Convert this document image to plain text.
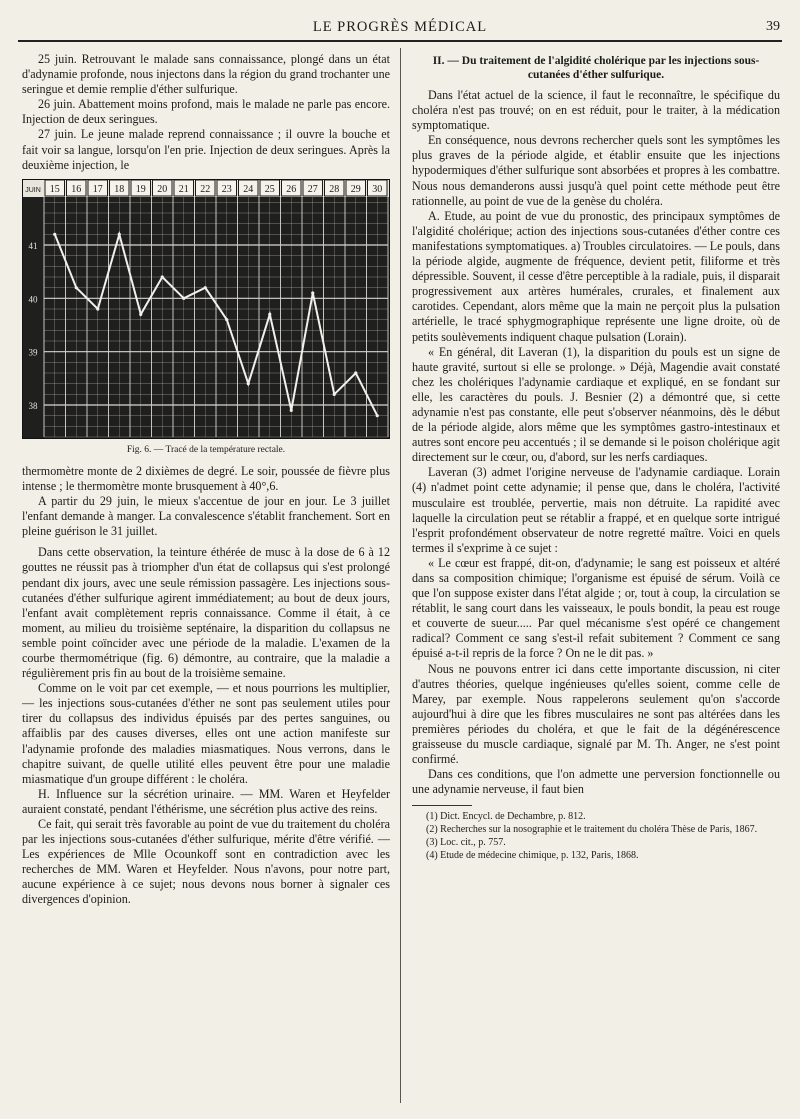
LE PROGRÈS MÉDICAL	39

25 juin. Retrouvant le malade sans connaissance, plongé dans un état d'adynamie profonde, nous injectons dans la région du grand trochanter une seringue et demie remplie d'éther sulfurique.

26 juin. Abattement moins profond, mais le malade ne parle pas encore. Injection de deux seringues.

27 juin. Le jeune malade reprend connaissance ; il ouvre la bouche et fait voir sa langue, lorsqu'on l'en prie. Injection de deux seringues. Après la deuxième injection, le

JUIN 15 16 17 18 19 20 21 22 23 24 25 26 27 28 29 30
41
40
39
38
Fig. 6. — Tracé de la température rectale.

thermomètre monte de 2 dixièmes de degré. Le soir, poussée de fièvre plus intense ; le thermomètre monte brusquement à 40°,6.

A partir du 29 juin, le mieux s'accentue de jour en jour. Le 3 juillet l'enfant demande à manger. La convalescence s'établit franchement. Sort en pleine guérison le 31 juillet.

Dans cette observation, la teinture éthérée de musc à la dose de 6 à 12 gouttes ne réussit pas à triompher d'un état de collapsus qui s'est prolongé pendant dix jours, avec une seule rémission passagère. Les injections sous-cutanées d'éther sulfurique agirent immédiatement; au bout de deux jours, l'enfant avait complètement repris connaissance. Comme il était, à ce moment, au milieu du troisième septénaire, la disparition du collapsus ne semble point coïncider avec une période de la maladie. L'examen de la courbe thermométrique (fig. 6) démontre, au contraire, que la maladie a régulièrement pris fin au bout de la troisième semaine.

Comme on le voit par cet exemple, — et nous pourrions les multiplier, — les injections sous-cutanées d'éther ne sont pas seulement utiles pour tirer du collapsus des individus épuisés par des pertes sanguines, ou affaiblis par des causes diverses, elles ont une action manifeste sur l'adynamie profonde des maladies miasmatiques. Nous verrons, dans le chapitre suivant, de quelle utilité elles peuvent être pour une maladie miasmatique d'un groupe différent : le choléra.

H. Influence sur la sécrétion urinaire. — MM. Waren et Heyfelder auraient constaté, pendant l'éthérisme, une sécrétion plus active des reins.

Ce fait, qui serait très favorable au point de vue du traitement du choléra par les injections sous-cutanées d'éther sulfurique, mérite d'être vérifié. — Les expériences de Mlle Ocounkoff sont en contradiction avec les recherches de MM. Waren et Heyfelder. Nous n'avons, pour notre part, aucune expérience à ce sujet; nous devons nous borner à signaler ces divergences d'opinion.

II. — Du traitement de l'algidité cholérique par les injections sous-cutanées d'éther sulfurique.

Dans l'état actuel de la science, il faut le reconnaître, le spécifique du choléra n'est pas trouvé; on en est réduit, pour le traiter, à la médication symptomatique.

En conséquence, nous devrons rechercher quels sont les symptômes les plus graves de la période algide, et établir ensuite que les injections hypodermiques d'éther sulfurique sont absorbées et propres à les combattre. Nous nous demanderons aussi jusqu'à quel point cette méthode peut être rationnelle, au point de vue de la genèse du choléra.

A. Etude, au point de vue du pronostic, des principaux symptômes de l'algidité cholérique; action des injections sous-cutanées d'éther contre ces manifestations symptomatiques. a) Troubles circulatoires. — Le pouls, dans la période algide, augmente de fréquence, devient petit, filiforme et très dépressible. Souvent, il cesse d'être perceptible à la radiale, puis, il disparait progressivement aux artères humérales, crurales, et finalement aux carotides. Cependant, alors même que la main ne perçoit plus la pulsation artérielle, le tracé sphygmographique représente une ligne droite, où de petits soulèvements indiquent chaque pulsation (Lorain).

« En général, dit Laveran (1), la disparition du pouls est un signe de haute gravité, surtout si elle se prolonge. » Déjà, Magendie avait constaté chez les cholériques l'adynamie cardiaque et expliqué, en se fondant sur elle, les caractères du pouls. J. Besnier (2) a démontré que, si cette adynamie n'est pas constante, elle peut s'observer néanmoins, dès le début de la période algide, alors même que les symptômes gastro-intestinaux et autres sont encore peu accentués ; il se demande si le poison cholérique agit directement sur le cœur, ou, d'abord, sur les nerfs cardiaques.

Laveran (3) admet l'origine nerveuse de l'adynamie cardiaque. Lorain (4) n'admet point cette adynamie; il pense que, dans le choléra, l'activité musculaire est troublée, pervertie, mais non détruite. La rapidité avec laquelle la circulation peut se rétablir a frappé, et en quelque sorte intrigué l'esprit profondément observateur de notre regretté maître. Voici en quels termes il s'exprime à ce sujet :

« Le cœur est frappé, dit-on, d'adynamie; le sang est poisseux et altéré dans sa composition chimique; l'organisme est épuisé de sérum. Voilà ce que l'on suppose exister dans l'état algide ; or, tout à coup, la circulation se rétablit, le sang court dans les vaisseaux, le pouls bondit, la peau est rouge et couverte de sueur..... Par quel mécanisme s'est opéré ce changement radical? Comment ce sang s'est-il refait subitement ? Comment ce sang épuisé a-t-il repris de la force ? On ne le dit pas. »

Nous ne pouvons entrer ici dans cette importante discussion, ni citer d'autres théories, quelque ingénieuses qu'elles soient, comme celle de Marey, par exemple. Nous rappelerons seulement qu'on s'accorde aujourd'hui à dire que les fibres musculaires ne sont pas altérées dans les premières périodes du choléra, et que le fait de la dégénérescence graisseuse du muscle cardiaque, signalé par M. Th. Anger, ne s'est point confirmé.

Dans ces conditions, que l'on admette une perversion fonctionnelle ou une adynamie nerveuse, il faut bien

(1) Dict. Encycl. de Dechambre, p. 812.

(2) Recherches sur la nosographie et le traitement du choléra Thèse de Paris, 1867.

(3) Loc. cit., p. 757.

(4) Etude de médecine chimique, p. 132, Paris, 1868.
